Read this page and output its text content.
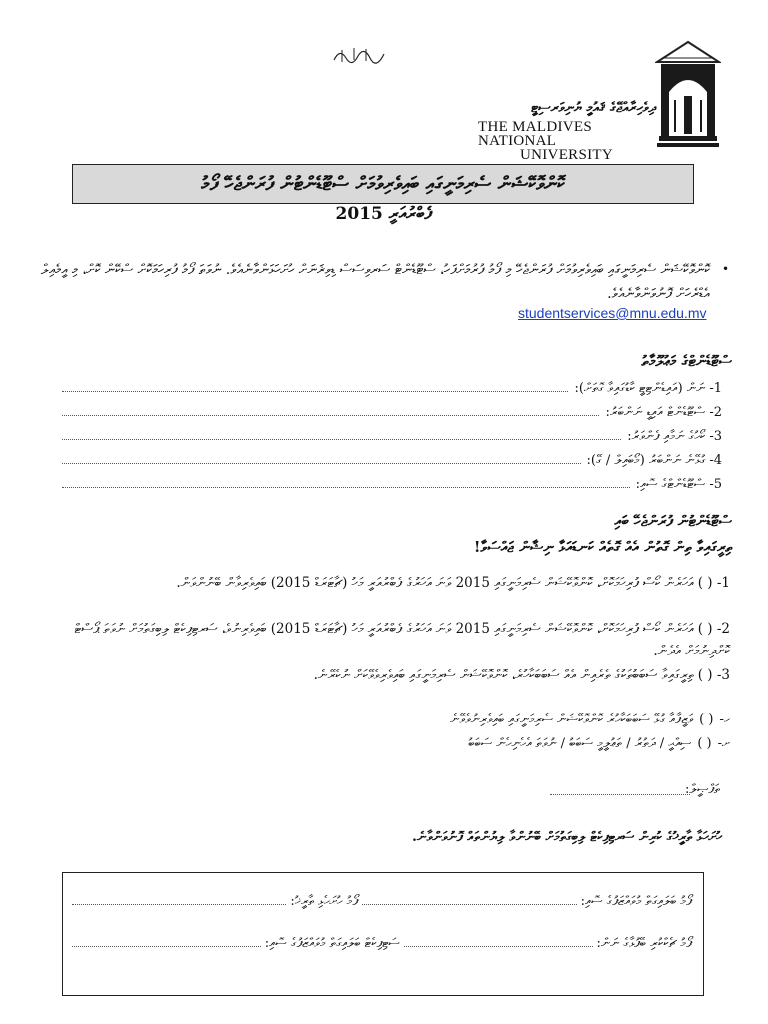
ދިވެހިރާއްޖޭގެ ޤައުމީ ޔުނިވަރސިޓީ
THE MALDIVES NATIONAL
UNIVERSITY
ކޮންވޮކޭޝަން ސެރިމަނީގައި ބައިވެރިވުމަށް ސްޓޫޑެންޓުން ފުރަންޖެހޭ ފޯމު
ފެބްރުއަރީ 2015
•
ކޮންވޮކޭޝަން ސެރިމަނީގައި ބައިވެރިވުމަށް ފުރަންޖެހޭ މި ފޯމު ފުރުމަށްފަހު، ސްޓޫޑެންޓް ސަރވިސަސް ޑިވިޜަނަށް ހުށަހަޅަންވާނެއެވެ. ނުވަތަ ފޯމު ފުރިހަމަކޮށް ސްކޭން ކޮށް، މި އީމެއިލް އެޑްރެހަށް ފޮނުވަންވާނެއެވެ.
studentservices@mnu.edu.mv
ސްޓޫޑެންޓްގެ މަޢުލޫމާތު
1-

ނަން (އައިޑެންޓިޓީ ކާޑުގައިވާ ގޮތަށް):
2-

ސްޓޫޑެންޓް އައިޑީ ނަންބަރު:
3-

ކޯހުގެ ނަމާއި ފެންވަރު:
4-

ގުޅޭނެ ނަންބަރު (މޯބައިލް / ގޭ):
5-

ސްޓޫޑެންޓްގެ ސޮއި:
ސްޓޫޑެންޓުން ފުރަންޖެހޭ ބައި
ތިރީގައިވާ ތިން ގޮތުން އެއް ގޮތެއް ކަނޑައަޅާ ނިޝާން ޖައްސަވާ!
1- ( ) އަހަރެން ކޯސް ފުރިހަމަކޮށް، ކޮންވޮކޭޝަން ސެރިމަނީގައި 2015 ވަނަ އަހަރުގެ ފެބްރުއަރީ މަހު (ޗާޓަރަޑް 2015) ބައިވެރިވާން ބޭނުންވަން.
2- ( ) އަހަރެން ކޯސް ފުރިހަމަކޮށް، ކޮންވޮކޭޝަން ސެރިމަނީގައި 2015 ވަނަ އަހަރުގެ ފެބްރުއަރީ މަހު (ޗާޓަރަޑް 2015) ބައިވެރިނުވެ، ސަރޓިފިކެޓް ލިބިގަތުމަށް ނުވަތަ ޕޯސްޓް ކޮށްދިނުމަށް އެދެން.
3- ( ) ތިރީގައިވާ ސަބަބުތަކުގެ ތެރެއިން އެއް ސަބަބަކާހުރެ، ކޮންވޮކޭޝަން ސެރިމަނީގައި ބައިވެރިވެވޭކަށް ނުކެރޭނެ.
ހ-
( )
ވަޒީފާއާ ގުޅޭ ސަބަބަކާހުރެ ކޮންވޮކޭޝަން ސެރިމަނީގައި ބައިވެރިނުވެވޭނެ
ށ-
( )
ސިއްޙީ / ދަތުރު / ތަޢުލީމީ ސަބަބު / ނުވަތަ އެހެނިހެން ސަބަބު
ތަފްޞީލް:
ހުށަހަޅާ ތާރީޚުގެ ކުރިން ސަރޓިފިކެޓް ލިބިގަތުމަށް ބޭނުންވާ ލިޔުންތައް ފޮނުވަންވާނެ.
ފޯމު ބަލައިގަތް މުވައްޒަފުގެ ސޮއި:
ފޯމު ހުށަހެޅި ތާރީޚު:
ފޯމު ޗެކްކުރި ބޭފުޅާގެ ނަން:
ސަޓިފިކެޓް ބަލައިގަތް މުވައްޒަފުގެ ސޮއި:
